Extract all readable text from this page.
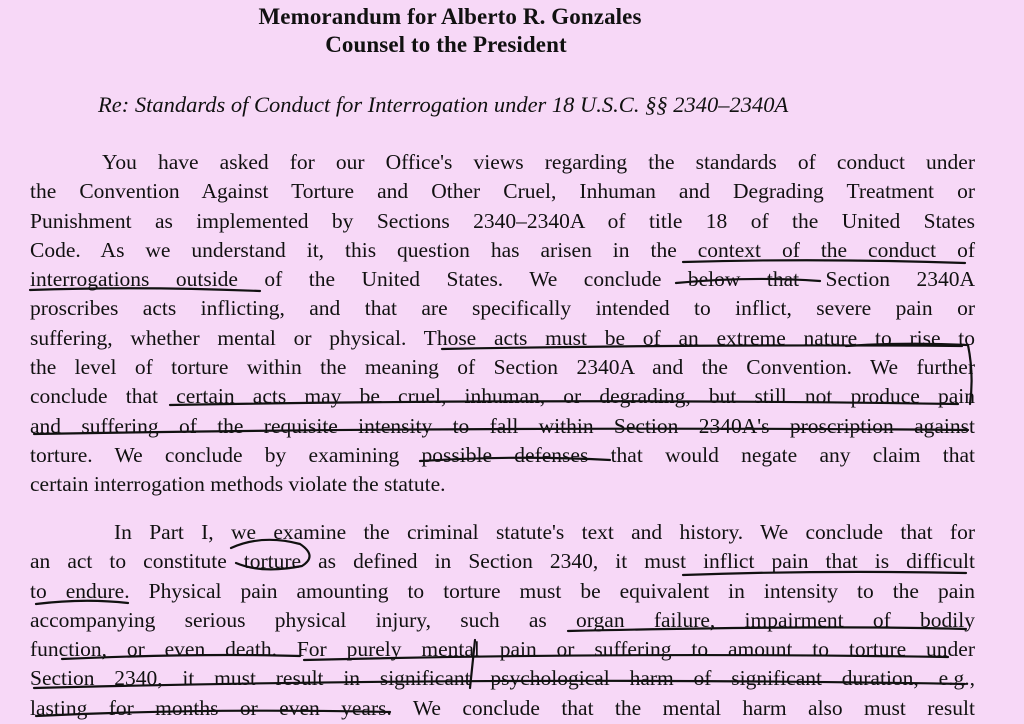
Memorandum for Alberto R. Gonzales
Counsel to the President
Re: Standards of Conduct for Interrogation under 18 U.S.C. §§ 2340–2340A
You have asked for our Office's views regarding the standards of conduct under
the Convention Against Torture and Other Cruel, Inhuman and Degrading Treatment or
Punishment as implemented by Sections 2340–2340A of title 18 of the United States
Code. As we understand it, this question has arisen in the context of the conduct of
interrogations outside of the United States. We conclude below that Section 2340A
proscribes acts inflicting, and that are specifically intended to inflict, severe pain or
suffering, whether mental or physical. Those acts must be of an extreme nature to rise to
the level of torture within the meaning of Section 2340A and the Convention. We further
conclude that certain acts may be cruel, inhuman, or degrading, but still not produce pain
and suffering of the requisite intensity to fall within Section 2340A's proscription against
torture. We conclude by examining possible defenses that would negate any claim that
certain interrogation methods violate the statute.
In Part I, we examine the criminal statute's text and history. We conclude that for
an act to constitute torture as defined in Section 2340, it must inflict pain that is difficult
to endure. Physical pain amounting to torture must be equivalent in intensity to the pain
accompanying serious physical injury, such as organ failure, impairment of bodily
function, or even death. For purely mental pain or suffering to amount to torture under
Section 2340, it must result in significant psychological harm of significant duration, e.g.,
lasting for months or even years. We conclude that the mental harm also must result
